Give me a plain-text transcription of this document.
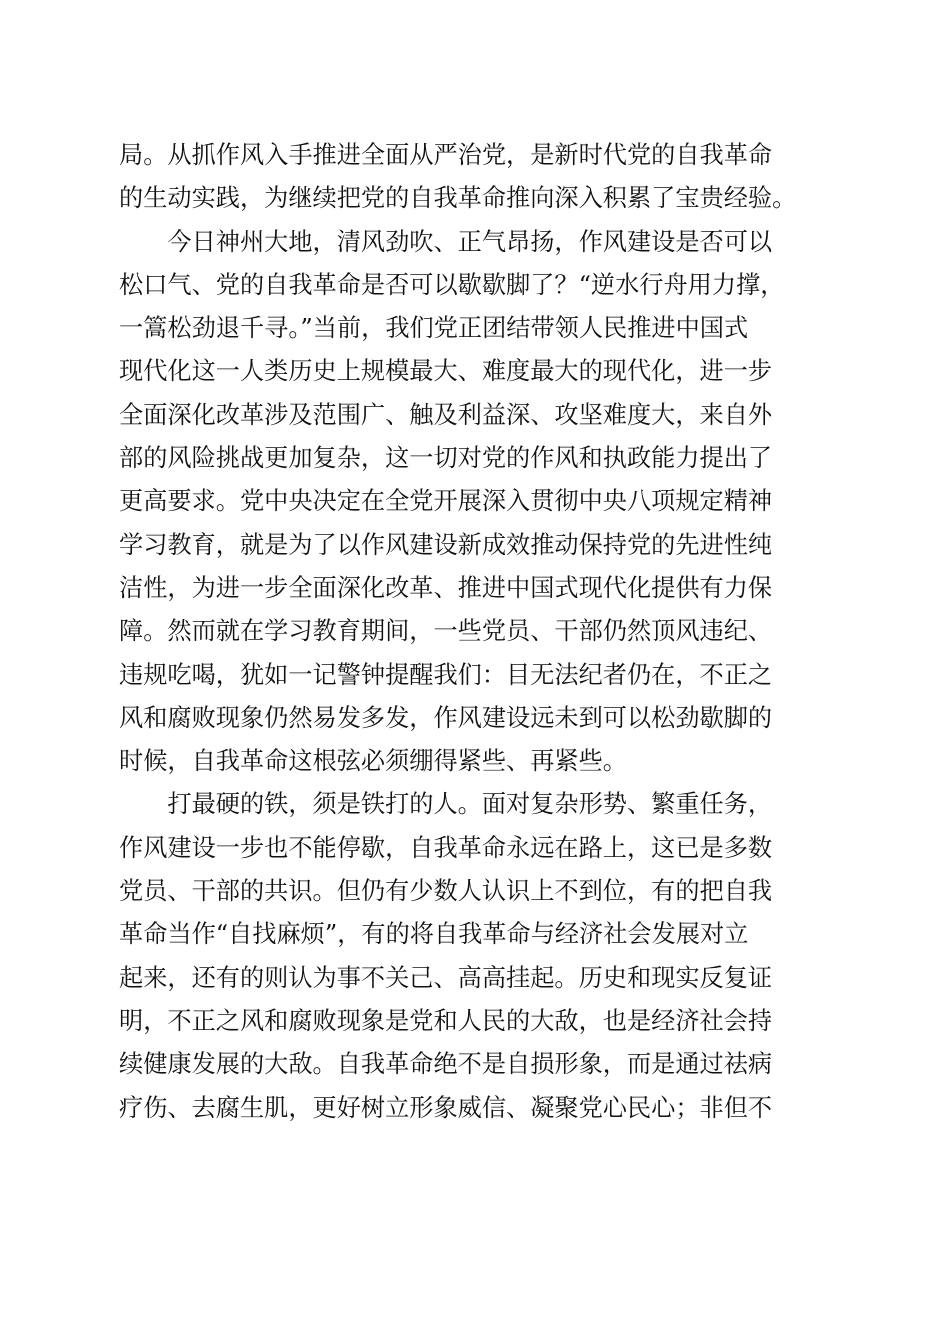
局。从抓作风入手推进全面从严治党，是新时代党的自我革命
的生动实践，为继续把党的自我革命推向深入积累了宝贵经验。
今日神州大地，清风劲吹、正气昂扬，作风建设是否可以
松口气、党的自我革命是否可以歇歇脚了？“逆水行舟用力撑，
一篙松劲退千寻。”当前，我们党正团结带领人民推进中国式
现代化这一人类历史上规模最大、难度最大的现代化，进一步
全面深化改革涉及范围广、触及利益深、攻坚难度大，来自外
部的风险挑战更加复杂，这一切对党的作风和执政能力提出了
更高要求。党中央决定在全党开展深入贯彻中央八项规定精神
学习教育，就是为了以作风建设新成效推动保持党的先进性纯
洁性，为进一步全面深化改革、推进中国式现代化提供有力保
障。然而就在学习教育期间，一些党员、干部仍然顶风违纪、
违规吃喝，犹如一记警钟提醒我们：目无法纪者仍在，不正之
风和腐败现象仍然易发多发，作风建设远未到可以松劲歇脚的
时候，自我革命这根弦必须绷得紧些、再紧些。
打最硬的铁，须是铁打的人。面对复杂形势、繁重任务，
作风建设一步也不能停歇，自我革命永远在路上，这已是多数
党员、干部的共识。但仍有少数人认识上不到位，有的把自我
革命当作“自找麻烦”，有的将自我革命与经济社会发展对立
起来，还有的则认为事不关己、高高挂起。历史和现实反复证
明，不正之风和腐败现象是党和人民的大敌，也是经济社会持
续健康发展的大敌。自我革命绝不是自损形象，而是通过祛病
疗伤、去腐生肌，更好树立形象威信、凝聚党心民心；非但不
